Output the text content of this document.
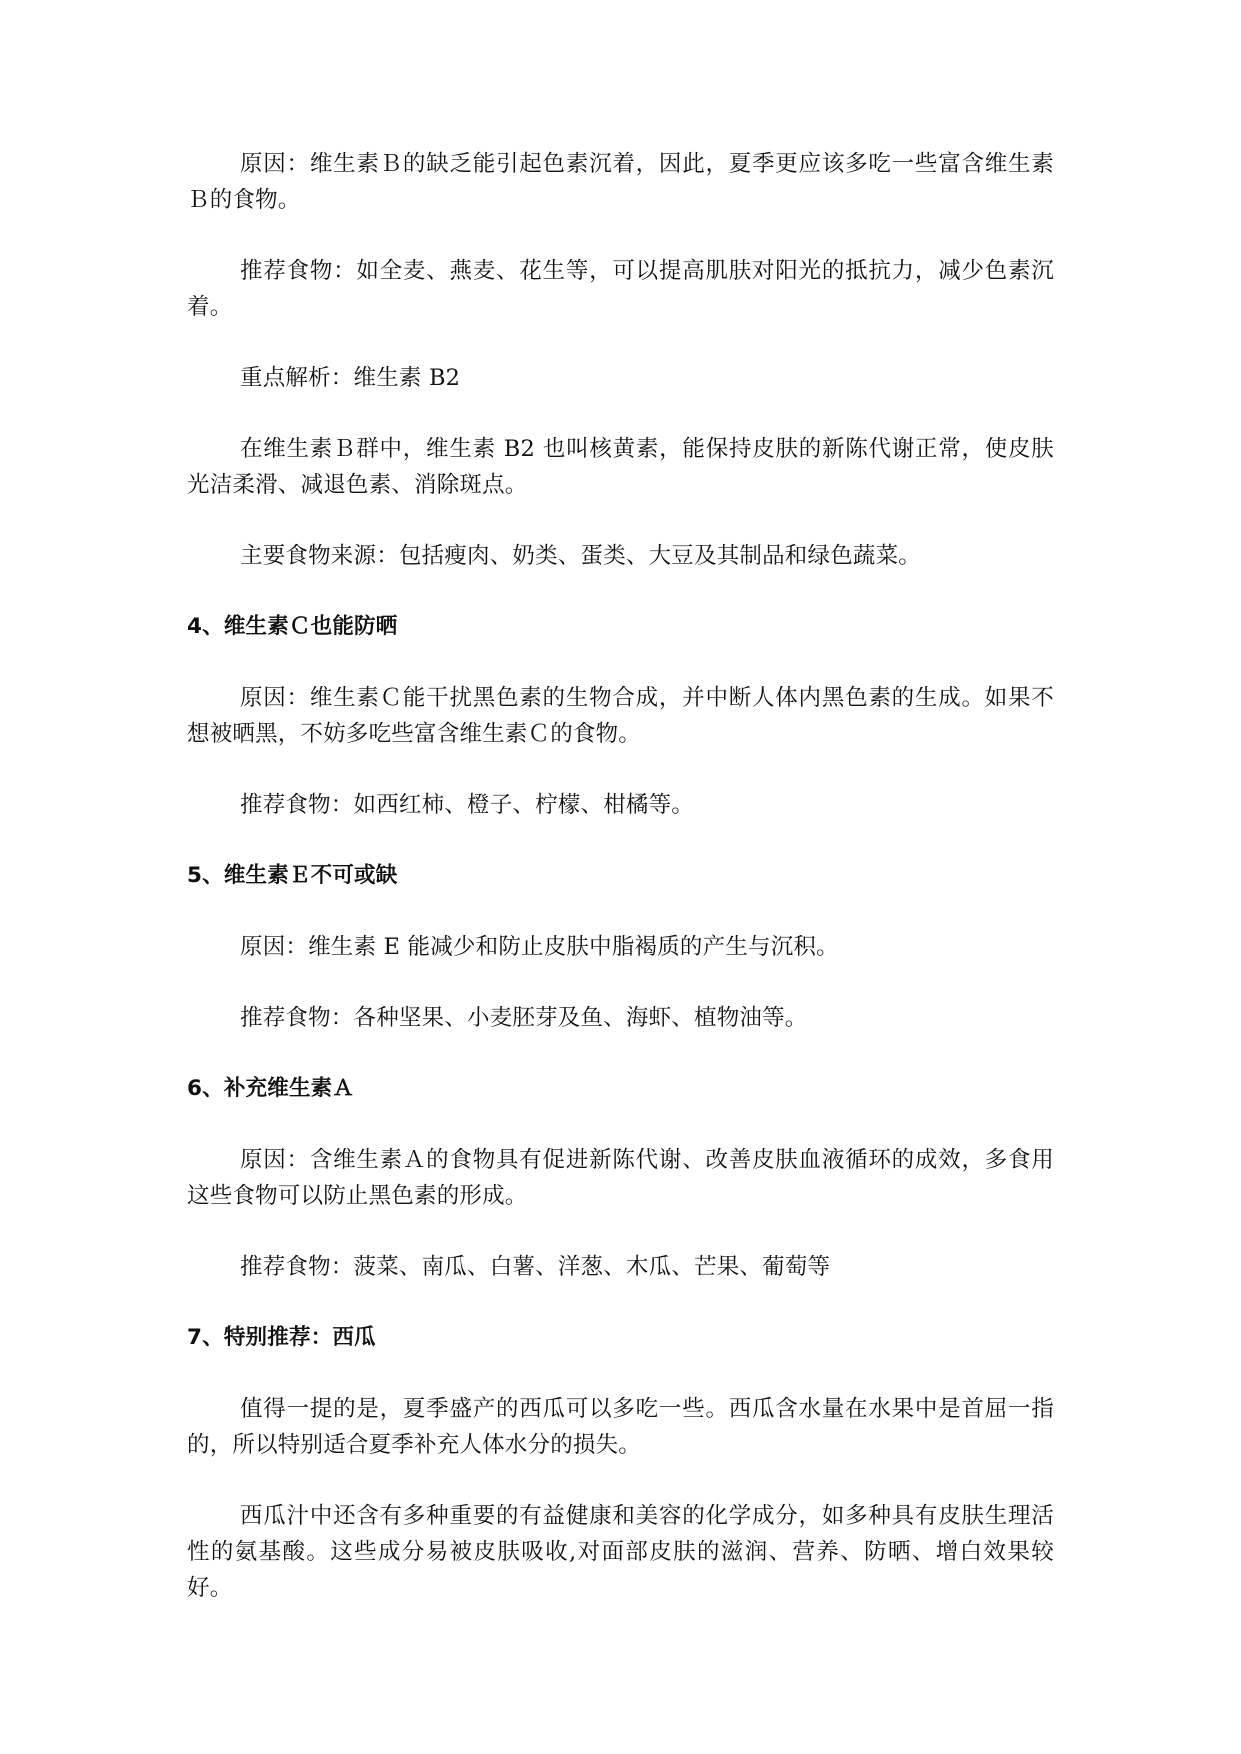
原因：维生素Ｂ的缺乏能引起色素沉着，因此，夏季更应该多吃一些富含维生素Ｂ的食物。

推荐食物：如全麦、燕麦、花生等，可以提高肌肤对阳光的抵抗力，减少色素沉着。

重点解析：维生素 B2

在维生素Ｂ群中，维生素 B2 也叫核黄素，能保持皮肤的新陈代谢正常，使皮肤光洁柔滑、减退色素、消除斑点。

主要食物来源：包括瘦肉、奶类、蛋类、大豆及其制品和绿色蔬菜。

4、维生素Ｃ也能防晒

原因：维生素Ｃ能干扰黑色素的生物合成，并中断人体内黑色素的生成。如果不想被晒黑，不妨多吃些富含维生素Ｃ的食物。

推荐食物：如西红柿、橙子、柠檬、柑橘等。

5、维生素Ｅ不可或缺

原因：维生素 E 能减少和防止皮肤中脂褐质的产生与沉积。

推荐食物：各种坚果、小麦胚芽及鱼、海虾、植物油等。

6、补充维生素Ａ

原因：含维生素Ａ的食物具有促进新陈代谢、改善皮肤血液循环的成效，多食用这些食物可以防止黑色素的形成。

推荐食物：菠菜、南瓜、白薯、洋葱、木瓜、芒果、葡萄等

7、特别推荐：西瓜

值得一提的是，夏季盛产的西瓜可以多吃一些。西瓜含水量在水果中是首屈一指的，所以特别适合夏季补充人体水分的损失。

西瓜汁中还含有多种重要的有益健康和美容的化学成分，如多种具有皮肤生理活性的氨基酸。这些成分易被皮肤吸收,对面部皮肤的滋润、营养、防晒、增白效果较好。
